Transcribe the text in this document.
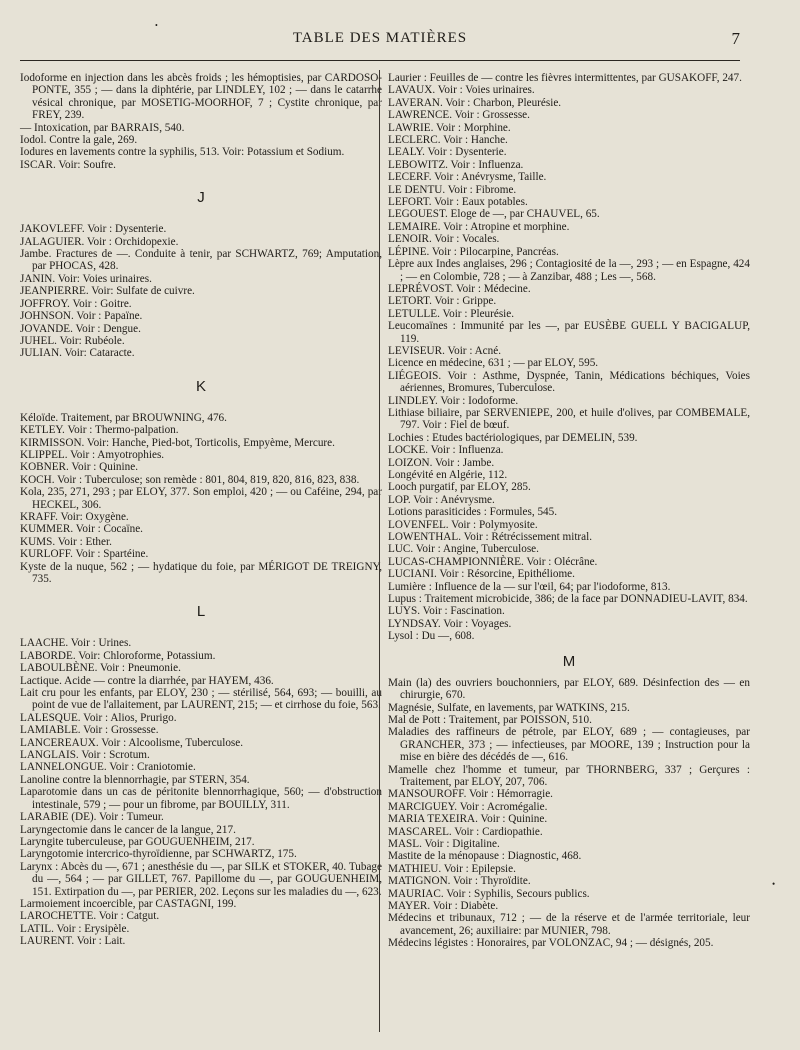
•
•
TABLE DES MATIÈRES	7

Iodoforme en injection dans les abcès froids ; les hémoptisies, par CARDOSO-PONTE, 355 ; — dans la diphtérie, par LINDLEY, 102 ; — dans le catarrhe vésical chronique, par MOSETIG-MOORHOF, 7 ; Cystite chronique, par FREY, 239.

— Intoxication, par BARRAIS, 540.

Iodol. Contre la gale, 269.

Iodures en lavements contre la syphilis, 513. Voir: Potassium et Sodium.

ISCAR. Voir: Soufre.

J

JAKOVLEFF. Voir : Dysenterie.

JALAGUIER. Voir : Orchidopexie.

Jambe. Fractures de —. Conduite à tenir, par SCHWARTZ, 769; Amputation, par PHOCAS, 428.

JANIN. Voir: Voies urinaires.

JEANPIERRE. Voir: Sulfate de cuivre.

JOFFROY. Voir : Goitre.

JOHNSON. Voir : Papaïne.

JOVANDE. Voir : Dengue.

JUHEL. Voir: Rubéole.

JULIAN. Voir: Cataracte.

K

Kéloïde. Traitement, par BROUWNING, 476.

KETLEY. Voir : Thermo-palpation.

KIRMISSON. Voir: Hanche, Pied-bot, Torticolis, Empyème, Mercure.

KLIPPEL. Voir : Amyotrophies.

KOBNER. Voir : Quinine.

KOCH. Voir : Tuberculose; son remède : 801, 804, 819, 820, 816, 823, 838.

Kola, 235, 271, 293 ; par ELOY, 377. Son emploi, 420 ; — ou Caféine, 294, par HECKEL, 306.

KRAFF. Voir: Oxygène.

KUMMER. Voir : Cocaïne.

KUMS. Voir : Ether.

KURLOFF. Voir : Spartéine.

Kyste de la nuque, 562 ; — hydatique du foie, par MÉRIGOT DE TREIGNY, 735.

L

LAACHE. Voir : Urines.

LABORDE. Voir: Chloroforme, Potassium.

LABOULBÈNE. Voir : Pneumonie.

Lactique. Acide — contre la diarrhée, par HAYEM, 436.

Lait cru pour les enfants, par ELOY, 230 ; — stérilisé, 564, 693; — bouilli, au point de vue de l'allaitement, par LAURENT, 215; — et cirrhose du foie, 563.

LALESQUE. Voir : Alios, Prurigo.

LAMIABLE. Voir : Grossesse.

LANCEREAUX. Voir : Alcoolisme, Tuberculose.

LANGLAIS. Voir : Scrotum.

LANNELONGUE. Voir : Craniotomie.

Lanoline contre la blennorrhagie, par STERN, 354.

Laparotomie dans un cas de péritonite blennorrhagique, 560; — d'obstruction intestinale, 579 ; — pour un fibrome, par BOUILLY, 311.

LARABIE (DE). Voir : Tumeur.

Laryngectomie dans le cancer de la langue, 217.

Laryngite tuberculeuse, par GOUGUENHEIM, 217.

Laryngotomie intercrico-thyroïdienne, par SCHWARTZ, 175.

Larynx : Abcès du —, 671 ; anesthésie du —, par SILK et STOKER, 40. Tubage du —, 564 ; — par GILLET, 767. Papillome du —, par GOUGUENHEIM, 151. Extirpation du —, par PERIER, 202. Leçons sur les maladies du —, 623.

Larmoiement incoercible, par CASTAGNI, 199.

LAROCHETTE. Voir : Catgut.

LATIL. Voir : Erysipèle.

LAURENT. Voir : Lait.

Laurier : Feuilles de — contre les fièvres intermittentes, par GUSAKOFF, 247.

LAVAUX. Voir : Voies urinaires.

LAVERAN. Voir : Charbon, Pleurésie.

LAWRENCE. Voir : Grossesse.

LAWRIE. Voir : Morphine.

LECLERC. Voir : Hanche.

LEALY. Voir : Dysenterie.

LEBOWITZ. Voir : Influenza.

LECERF. Voir : Anévrysme, Taille.

LE DENTU. Voir : Fibrome.

LEFORT. Voir : Eaux potables.

LEGOUEST. Eloge de —, par CHAUVEL, 65.

LEMAIRE. Voir : Atropine et morphine.

LENOIR. Voir : Vocales.

LÉPINE. Voir : Pilocarpine, Pancréas.

Lèpre aux Indes anglaises, 296 ; Contagiosité de la —, 293 ; — en Espagne, 424 ; — en Colombie, 728 ; — à Zanzibar, 488 ; Les —, 568.

LEPRÉVOST. Voir : Médecine.

LETORT. Voir : Grippe.

LETULLE. Voir : Pleurésie.

Leucomaïnes : Immunité par les —, par EUSÈBE GUELL Y BACIGALUP, 119.

LEVISEUR. Voir : Acné.

Licence en médecine, 631 ; — par ELOY, 595.

LIÉGEOIS. Voir : Asthme, Dyspnée, Tanin, Médications béchiques, Voies aériennes, Bromures, Tuberculose.

LINDLEY. Voir : Iodoforme.

Lithiase biliaire, par SERVENIEPE, 200, et huile d'olives, par COMBEMALE, 797. Voir : Fiel de bœuf.

Lochies : Etudes bactériologiques, par DEMELIN, 539.

LOCKE. Voir : Influenza.

LOIZON. Voir : Jambe.

Longévité en Algérie, 112.

Looch purgatif, par ELOY, 285.

LOP. Voir : Anévrysme.

Lotions parasiticides : Formules, 545.

LOVENFEL. Voir : Polymyosite.

LOWENTHAL. Voir : Rétrécissement mitral.

LUC. Voir : Angine, Tuberculose.

LUCAS-CHAMPIONNIÈRE. Voir : Olécrâne.

LUCIANI. Voir : Résorcine, Epithéliome.

Lumière : Influence de la — sur l'œil, 64; par l'iodoforme, 813.

Lupus : Traitement microbicide, 386; de la face par DONNADIEU-LAVIT, 834.

LUYS. Voir : Fascination.

LYNDSAY. Voir : Voyages.

Lysol : Du —, 608.

M

Main (la) des ouvriers bouchonniers, par ELOY, 689. Désinfection des — en chirurgie, 670.

Magnésie, Sulfate, en lavements, par WATKINS, 215.

Mal de Pott : Traitement, par POISSON, 510.

Maladies des raffineurs de pétrole, par ELOY, 689 ; — contagieuses, par GRANCHER, 373 ; — infectieuses, par MOORE, 139 ; Instruction pour la mise en bière des décédés de —, 616.

Mamelle chez l'homme et tumeur, par THORNBERG, 337 ; Gerçures : Traitement, par ELOY, 207, 706.

MANSOUROFF. Voir : Hémorragie.

MARCIGUEY. Voir : Acromégalie.

MARIA TEXEIRA. Voir : Quinine.

MASCAREL. Voir : Cardiopathie.

MASL. Voir : Digitaline.

Mastite de la ménopause : Diagnostic, 468.

MATHIEU. Voir : Epilepsie.

MATIGNON. Voir : Thyroïdite.

MAURIAC. Voir : Syphilis, Secours publics.

MAYER. Voir : Diabète.

Médecins et tribunaux, 712 ; — de la réserve et de l'armée territoriale, leur avancement, 26; auxiliaire: par MUNIER, 798.

Médecins légistes : Honoraires, par VOLONZAC, 94 ; — désignés, 205.
